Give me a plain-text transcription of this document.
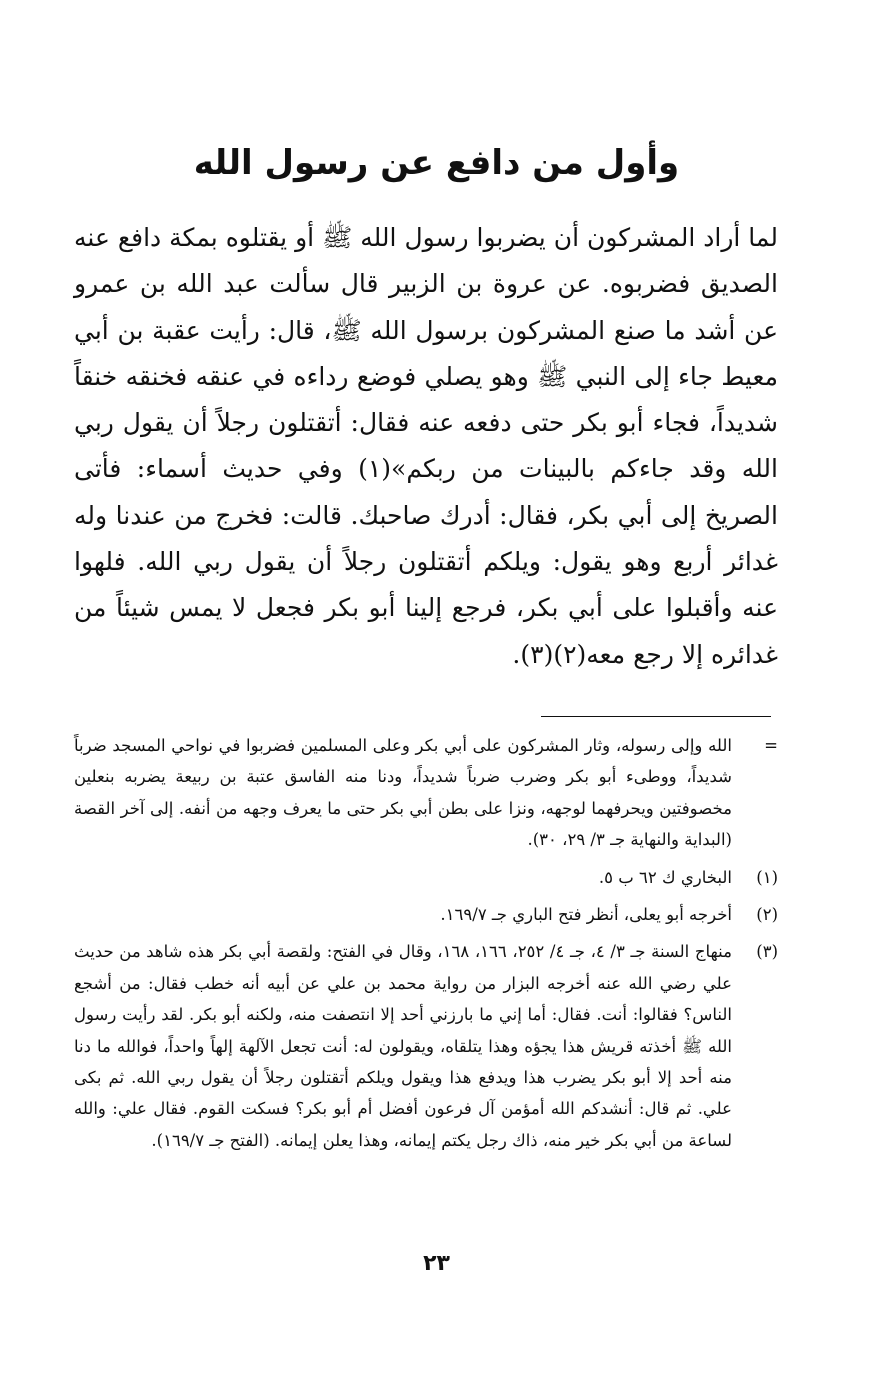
وأول من دافع عن رسول الله

لما أراد المشركون أن يضربوا رسول الله ﷺ أو يقتلوه بمكة دافع عنه الصديق فضربوه. عن عروة بن الزبير قال سألت عبد الله بن عمرو عن أشد ما صنع المشركون برسول الله ﷺ، قال: رأيت عقبة بن أبي معيط جاء إلى النبي ﷺ وهو يصلي فوضع رداءه في عنقه فخنقه خنقاً شديداً، فجاء أبو بكر حتى دفعه عنه فقال: أتقتلون رجلاً أن يقول ربي الله وقد جاءكم بالبينات من ربكم»(١) وفي حديث أسماء: فأتى الصريخ إلى أبي بكر، فقال: أدرك صاحبك. قالت: فخرج من عندنا وله غدائر أربع وهو يقول: ويلكم أتقتلون رجلاً أن يقول ربي الله. فلهوا عنه وأقبلوا على أبي بكر، فرجع إلينا أبو بكر فجعل لا يمس شيئاً من غدائره إلا رجع معه(٢)(٣).

=
الله وإلى رسوله، وثار المشركون على أبي بكر وعلى المسلمين فضربوا في نواحي المسجد ضرباً شديداً، ووطىء أبو بكر وضرب ضرباً شديداً، ودنا منه الفاسق عتبة بن ربيعة يضربه بنعلين مخصوفتين ويحرفهما لوجهه، ونزا على بطن أبي بكر حتى ما يعرف وجهه من أنفه. إلى آخر القصة (البداية والنهاية جـ ٣/ ٢٩، ٣٠).
(١)
البخاري ك ٦٢ ب ٥.
(٢)
أخرجه أبو يعلى، أنظر فتح الباري جـ ١٦٩/٧.
(٣)
منهاج السنة جـ ٣/ ٤، جـ ٤/ ٢٥٢، ١٦٦، ١٦٨، وقال في الفتح: ولقصة أبي بكر هذه شاهد من حديث علي رضي الله عنه أخرجه البزار من رواية محمد بن علي عن أبيه أنه خطب فقال: من أشجع الناس؟ فقالوا: أنت. فقال: أما إني ما بارزني أحد إلا انتصفت منه، ولكنه أبو بكر. لقد رأيت رسول الله ﷺ أخذته قريش هذا يجؤه وهذا يتلقاه، ويقولون له: أنت تجعل الآلهة إلهاً واحداً، فوالله ما دنا منه أحد إلا أبو بكر يضرب هذا ويدفع هذا ويقول ويلكم أتقتلون رجلاً أن يقول ربي الله. ثم بكى علي. ثم قال: أنشدكم الله أمؤمن آل فرعون أفضل أم أبو بكر؟ فسكت القوم. فقال علي: والله لساعة من أبي بكر خير منه، ذاك رجل يكتم إيمانه، وهذا يعلن إيمانه. (الفتح جـ ١٦٩/٧).
٢٣
